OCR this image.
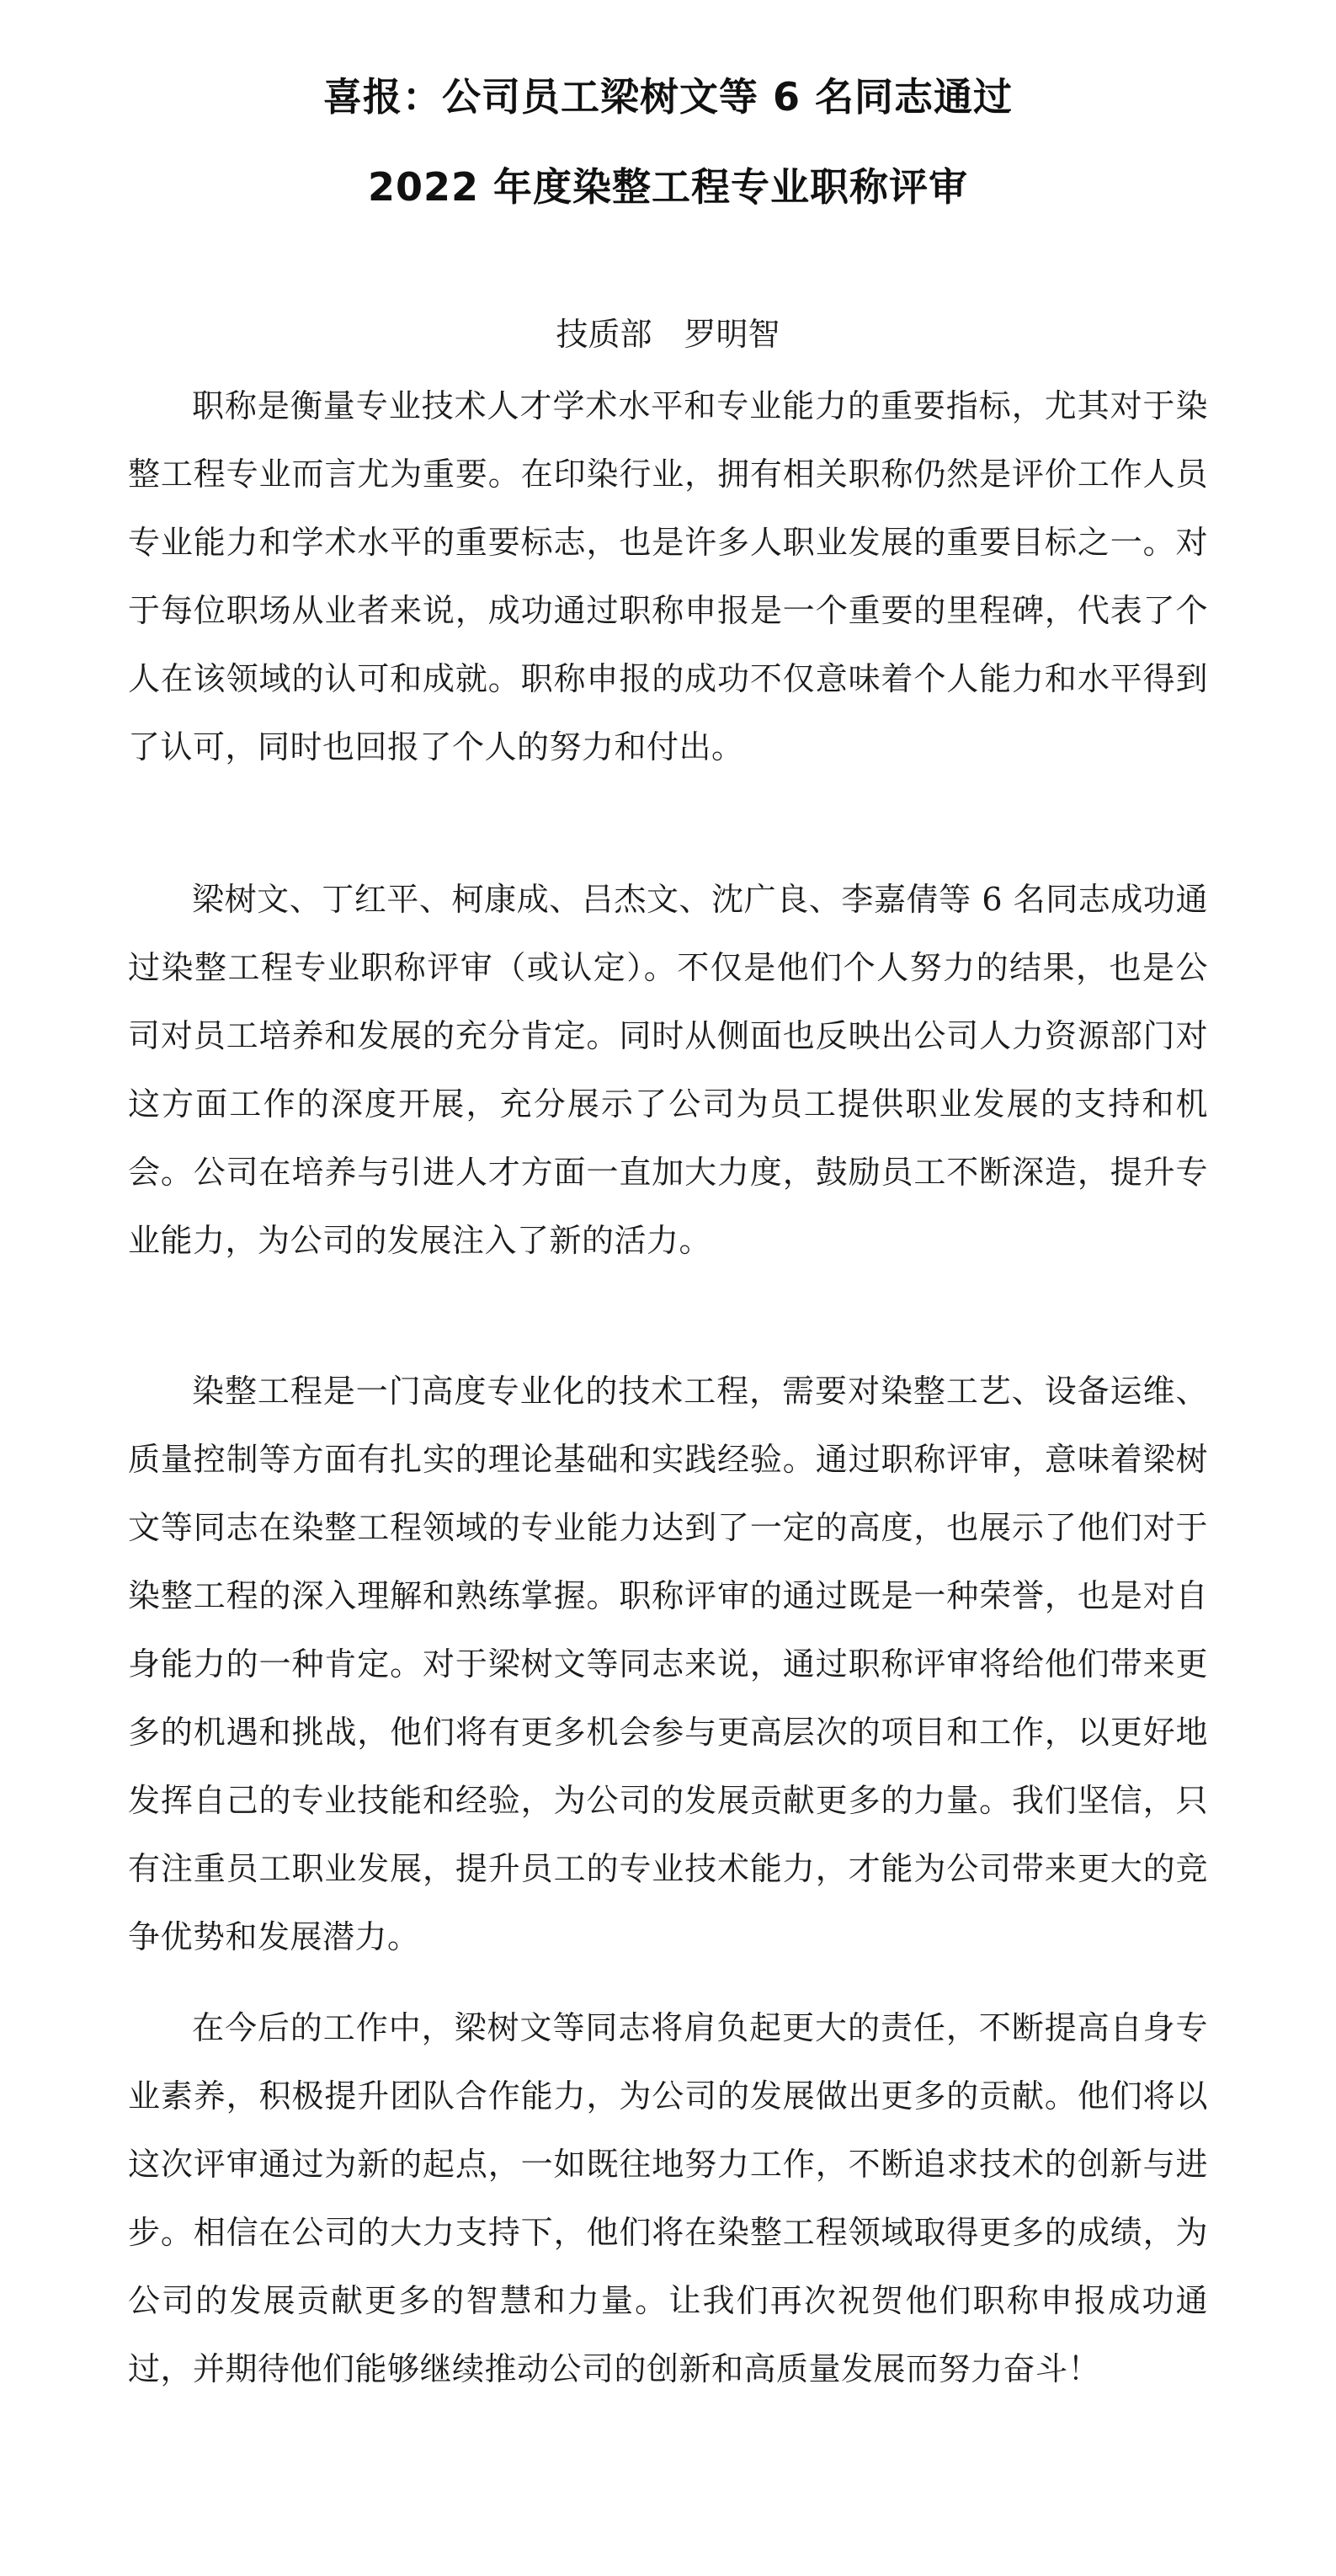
喜报：公司员工梁树文等 6 名同志通过
2022 年度染整工程专业职称评审
技质部　罗明智

职称是衡量专业技术人才学术水平和专业能力的重要指标，尤其对于染整工程专业而言尤为重要。在印染行业，拥有相关职称仍然是评价工作人员专业能力和学术水平的重要标志，也是许多人职业发展的重要目标之一。对于每位职场从业者来说，成功通过职称申报是一个重要的里程碑，代表了个人在该领域的认可和成就。职称申报的成功不仅意味着个人能力和水平得到了认可，同时也回报了个人的努力和付出。

梁树文、丁红平、柯康成、吕杰文、沈广良、李嘉倩等 6 名同志成功通过染整工程专业职称评审（或认定）。不仅是他们个人努力的结果，也是公司对员工培养和发展的充分肯定。同时从侧面也反映出公司人力资源部门对这方面工作的深度开展，充分展示了公司为员工提供职业发展的支持和机会。公司在培养与引进人才方面一直加大力度，鼓励员工不断深造，提升专业能力，为公司的发展注入了新的活力。

染整工程是一门高度专业化的技术工程，需要对染整工艺、设备运维、质量控制等方面有扎实的理论基础和实践经验。通过职称评审，意味着梁树文等同志在染整工程领域的专业能力达到了一定的高度，也展示了他们对于染整工程的深入理解和熟练掌握。职称评审的通过既是一种荣誉，也是对自身能力的一种肯定。对于梁树文等同志来说，通过职称评审将给他们带来更多的机遇和挑战，他们将有更多机会参与更高层次的项目和工作，以更好地发挥自己的专业技能和经验，为公司的发展贡献更多的力量。我们坚信，只有注重员工职业发展，提升员工的专业技术能力，才能为公司带来更大的竞争优势和发展潜力。

在今后的工作中，梁树文等同志将肩负起更大的责任，不断提高自身专业素养，积极提升团队合作能力，为公司的发展做出更多的贡献。他们将以这次评审通过为新的起点，一如既往地努力工作，不断追求技术的创新与进步。相信在公司的大力支持下，他们将在染整工程领域取得更多的成绩，为公司的发展贡献更多的智慧和力量。让我们再次祝贺他们职称申报成功通过，并期待他们能够继续推动公司的创新和高质量发展而努力奋斗！
